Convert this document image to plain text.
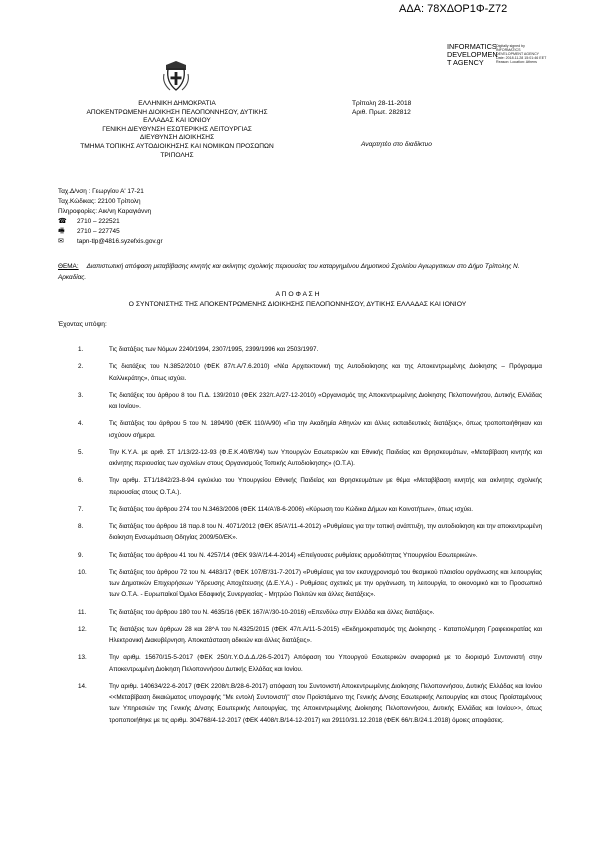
ΑΔΑ: 78ΧΔΟΡ1Φ-Ζ72
INFORMATICS DEVELOPMEN T AGENCY
Digitally signed by INFORMATICS DEVELOPMENT AGENCY Date: 2018.11.28 15:01:46 EET Reason: Location: Athens
ΕΛΛΗΝΙΚΗ ΔΗΜΟΚΡΑΤΙΑ
ΑΠΟΚΕΝΤΡΩΜΕΝΗ ΔΙΟΙΚΗΣΗ ΠΕΛΟΠΟΝΝΗΣΟΥ, ΔΥΤΙΚΗΣ
ΕΛΛΑΔΑΣ ΚΑΙ ΙΟΝΙΟΥ
ΓΕΝΙΚΗ ΔΙΕΥΘΥΝΣΗ ΕΣΩΤΕΡΙΚΗΣ ΛΕΙΤΟΥΡΓΙΑΣ
ΔΙΕΥΘΥΝΣΗ ΔΙΟΙΚΗΣΗΣ
ΤΜΗΜΑ ΤΟΠΙΚΗΣ ΑΥΤΟΔΙΟΙΚΗΣΗΣ ΚΑΙ ΝΟΜΙΚΩΝ ΠΡΟΣΩΠΩΝ
ΤΡΙΠΟΛΗΣ
Τρίπολη 28-11-2018
Αριθ. Πρωτ. 282812
Αναρτητέο στο διαδίκτυο
Ταχ.Δ/νση : Γεωργίου Α' 17-21
Ταχ.Κώδικας: 22100 Τρίπολη
Πληροφορίες: Αικ/νη Καραγιάννη
☎	2710 – 222521
🖷	2710 – 227745
✉	tapn-tlp@4816.syzefxis.gov.gr
ΘΕΜΑ: Διαπιστωτική απόφαση μεταβίβασης κινητής και ακίνητης σχολικής περιουσίας του καταργημένου Δημοτικού Σχολείου Αγιωργιτικων στο Δήμο Τρίπολης Ν. Αρκαδίας.
Α Π Ο Φ Α Σ Η
Ο ΣΥΝΤΟΝΙΣΤΗΣ ΤΗΣ ΑΠΟΚΕΝΤΡΩΜΕΝΗΣ ΔΙΟΙΚΗΣΗΣ ΠΕΛΟΠΟΝΝΗΣΟΥ, ΔΥΤΙΚΗΣ ΕΛΛΑΔΑΣ ΚΑΙ ΙΟΝΙΟΥ
Έχοντας υπόψη:
1.	Τις διατάξεις των Νόμων 2240/1994, 2307/1995, 2399/1996 και 2503/1997.
2.	Τις διατάξεις του Ν.3852/2010 (ΦΕΚ 87/τ.Α/7.6.2010) «Νέα Αρχιτεκτονική της Αυτοδιοίκησης και της Αποκεντρωμένης Διοίκησης – Πρόγραμμα Καλλικράτης», όπως ισχύει.
3.	Τις διατάξεις του άρθρου 8 του Π.Δ. 139/2010 (ΦΕΚ 232/τ.Α/27-12-2010) «Οργανισμός της Αποκεντρωμένης Διοίκησης Πελοποννήσου, Δυτικής Ελλάδας και Ιονίου».
4.	Τις διατάξεις του άρθρου 5 του Ν. 1894/90 (ΦΕΚ 110/Α/90) «Για την Ακαδημία Αθηνών και άλλες εκπαιδευτικές διατάξεις», όπως τροποποιήθηκαν και ισχύουν σήμερα.
5.	Την Κ.Υ.Α. με αριθ. ΣΤ 1/13/22-12-93 (Φ.Ε.Κ.40/Β'/94) των Υπουργών Εσωτερικών και Εθνικής Παιδείας και Θρησκευμάτων, «Μεταβίβαση κινητής και ακίνητης περιουσίας των σχολείων στους Οργανισμούς Τοπικής Αυτοδιοίκησης» (Ο.Τ.Α).
6.	Την αριθμ. ΣΤ1/1842/23-8-94 εγκύκλιο του Υπουργείου Εθνικής Παιδείας και Θρησκευμάτων με θέμα «Μεταβίβαση κινητής και ακίνητης σχολικής περιουσίας στους Ο.Τ.Α.).
7.	Τις διατάξεις του άρθρου 274 του Ν.3463/2006 (ΦΕΚ 114/Α'/8-6-2006) «Κύρωση του Κώδικα Δήμων και Κοινοτήτων», όπως ισχύει.
8.	Τις διατάξεις του άρθρου 18 παρ.8 του Ν. 4071/2012 (ΦΕΚ 85/Α'/11-4-2012) «Ρυθμίσεις για την τοπική ανάπτυξη, την αυτοδιοίκηση και την αποκεντρωμένη διοίκηση Ενσωμάτωση Οδηγίας 2009/50/ΕΚ».
9.	Τις διατάξεις του άρθρου 41 του Ν. 4257/14 (ΦΕΚ 93/Α'/14-4-2014) «Επείγουσες ρυθμίσεις αρμοδιότητας Υπουργείου Εσωτερικών».
10.	Τις διατάξεις του άρθρου 72 του Ν. 4483/17 (ΦΕΚ 107/Β'/31-7-2017) «Ρυθμίσεις για τον εκσυγχρονισμό του θεσμικού πλαισίου οργάνωσης και λειτουργίας των Δημοτικών Επιχειρήσεων Ύδρευσης Αποχέτευσης (Δ.Ε.Υ.Α.) - Ρυθμίσεις σχετικές με την οργάνωση, τη λειτουργία, το οικονομικό και το Προσωπικό των Ο.Τ.Α. - Ευρωπαϊκοί Όμιλοι Εδαφικής Συνεργασίας - Μητρώο Πολιτών και άλλες διατάξεις».
11.	Τις διατάξεις του άρθρου 180 του Ν. 4635/16 (ΦΕΚ 167/Α'/30-10-2016) «Επενδύω στην Ελλάδα και άλλες διατάξεις».
12.	Τις διατάξεις των άρθρων 28 και 28^Α του Ν.4325/2015 (ΦΕΚ 47/τ.Α/11-5-2015) «Εκδημοκρατισμός της Διοίκησης - Καταπολέμηση Γραφειοκρατίας και Ηλεκτρονική Διακυβέρνηση. Αποκατάσταση αδικιών και άλλες διατάξεις».
13.	Την αριθμ. 15670/15-5-2017 (ΦΕΚ 250/τ.Υ.Ο.Δ.Δ./26-5-2017) Απόφαση του Υπουργού Εσωτερικών αναφορικά με το διορισμό Συντονιστή στην Αποκεντρωμένη Διοίκηση Πελοποννήσου Δυτικής Ελλάδας και Ιονίου.
14.	Την αριθμ. 140634/22-6-2017 (ΦΕΚ 2208/τ.Β/28-6-2017) απόφαση του Συντονιστή Αποκεντρωμένης Διοίκησης Πελοποννήσου, Δυτικής Ελλάδας και Ιονίου <<Μεταβίβαση δικαιώματος υπογραφής "Με εντολή Συντονιστή" στον Προϊστάμενο της Γενικής Δ/νσης Εσωτερικής Λειτουργίας και στους Προϊσταμένους των Υπηρεσιών της Γενικής Δ/νσης Εσωτερικής Λειτουργίας, της Αποκεντρωμένης Διοίκησης Πελοποννήσου, Δυτικής Ελλάδας και Ιονίου>>, όπως τροποποιήθηκε με τις αριθμ. 304768/4-12-2017 (ΦΕΚ 4408/τ.Β/14-12-2017) και 29110/31.12.2018 (ΦΕΚ 66/τ.Β/24.1.2018) όμοιες αποφάσεις.
